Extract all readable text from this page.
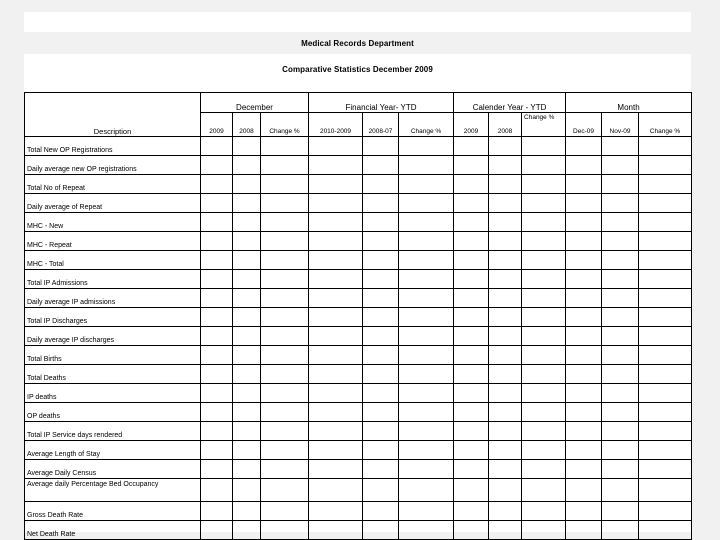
Medical Records Department
Comparative Statistics December 2009
Description	December			Financial Year- YTD			Calender Year - YTD			Month		
	2009	2008	Change %	2010-2009	2008-07	Change %	2009	2008	Change %	Dec-09	Nov-09	Change %
Total New OP Registrations												
Daily average new OP registrations												
Total No of Repeat												
Daily average of Repeat												
MHC - New												
MHC - Repeat												
MHC - Total												
Total IP Admissions												
Daily average IP admissions												
Total IP Discharges												
Daily average IP discharges												
Total Births												
Total Deaths												
IP deaths												
OP deaths												
Total IP Service days rendered												
Average Length of Stay												
Average Daily Census												
Average daily Percentage Bed Occupancy												
Gross Death Rate												
Net Death Rate												
